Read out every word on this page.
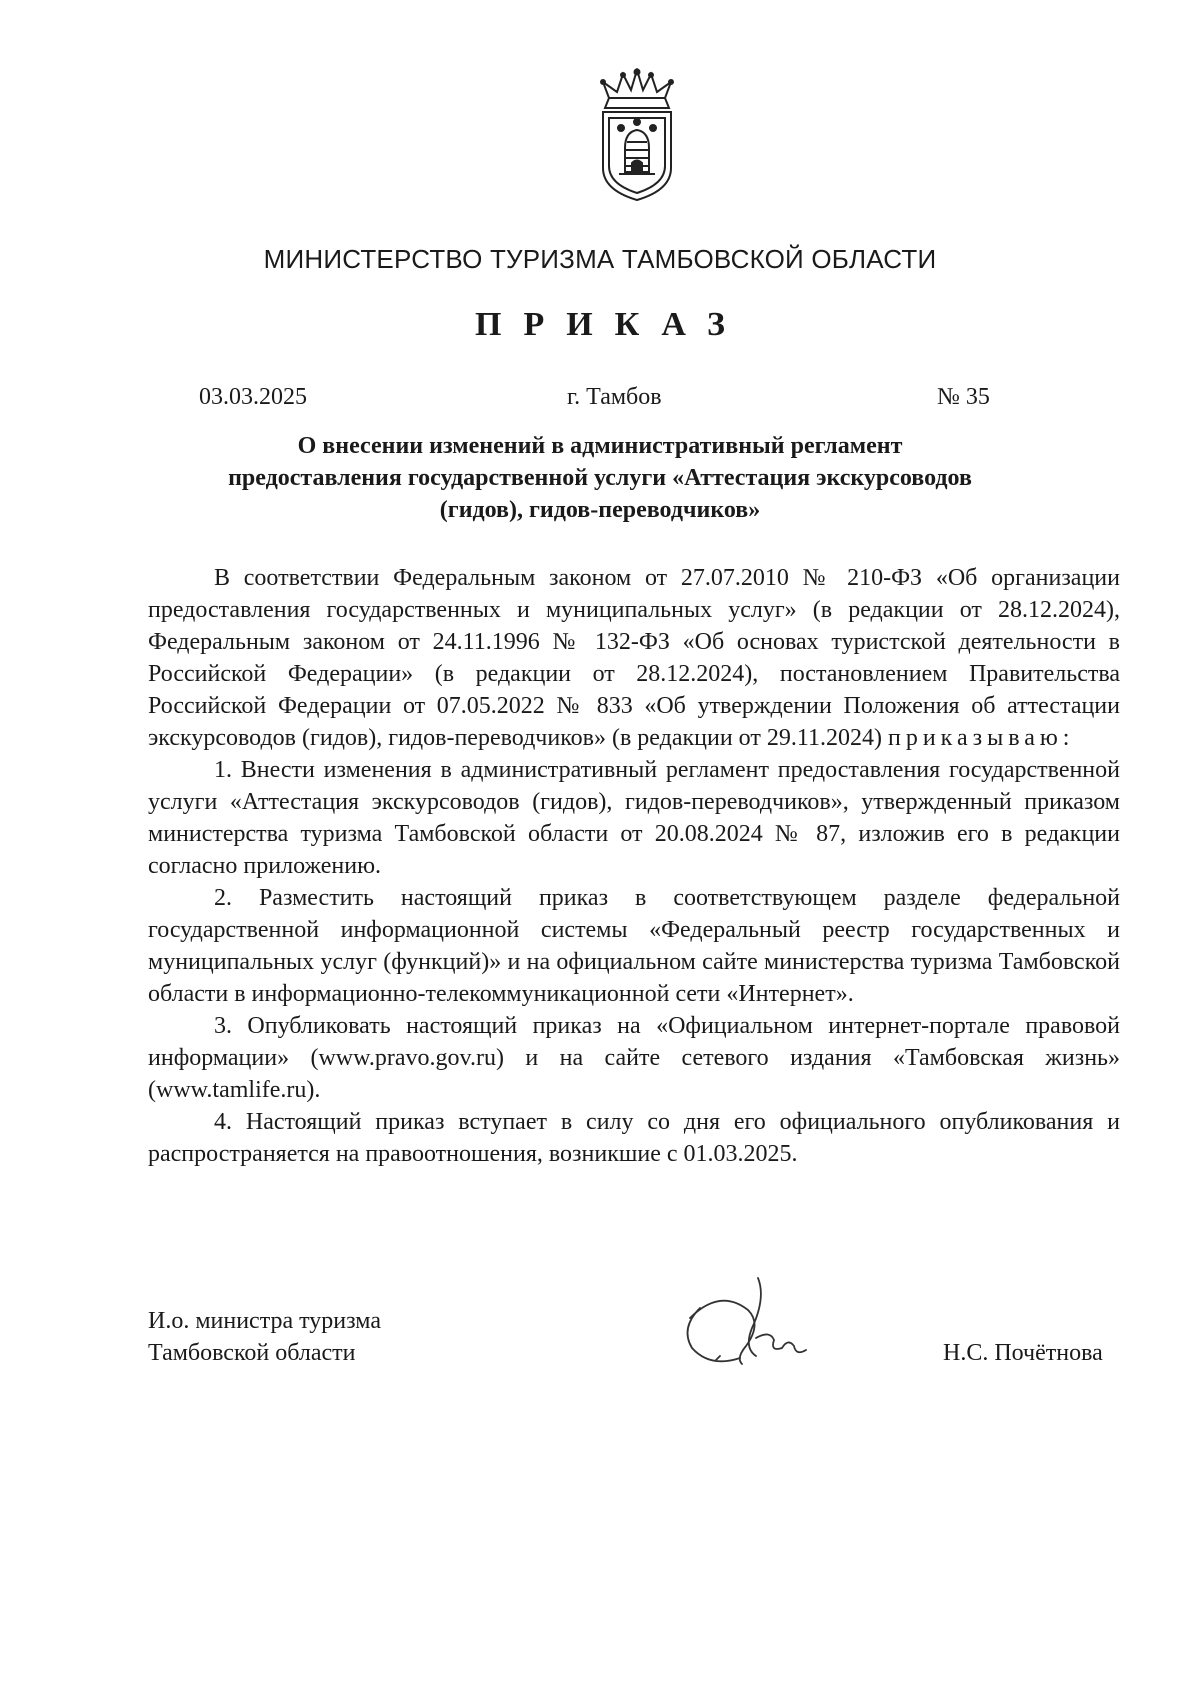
МИНИСТЕРСТВО ТУРИЗМА ТАМБОВСКОЙ ОБЛАСТИ
ПРИКАЗ
03.03.2025	г. Тамбов	№ 35
О внесении изменений в административный регламент
предоставления государственной услуги «Аттестация экскурсоводов
(гидов), гидов-переводчиков»

В соответствии Федеральным законом от 27.07.2010 № 210-ФЗ «Об организации предоставления государственных и муниципальных услуг» (в редакции от 28.12.2024), Федеральным законом от 24.11.1996 № 132-ФЗ «Об основах туристской деятельности в Российской Федерации» (в редакции от 28.12.2024), постановлением Правительства Российской Федерации от 07.05.2022 № 833 «Об утверждении Положения об аттестации экскурсоводов (гидов), гидов-переводчиков» (в редакции от 29.11.2024) приказываю:

1. Внести изменения в административный регламент предоставления государственной услуги «Аттестация экскурсоводов (гидов), гидов-переводчиков», утвержденный приказом министерства туризма Тамбовской области от 20.08.2024 № 87, изложив его в редакции согласно приложению.

2. Разместить настоящий приказ в соответствующем разделе федеральной государственной информационной системы «Федеральный реестр государственных и муниципальных услуг (функций)» и на официальном сайте министерства туризма Тамбовской области в информационно-телекоммуникационной сети «Интернет».

3. Опубликовать настоящий приказ на «Официальном интернет-портале правовой информации» (www.pravo.gov.ru) и на сайте сетевого издания «Тамбовская жизнь» (www.tamlife.ru).

4. Настоящий приказ вступает в силу со дня его официального опубликования и распространяется на правоотношения, возникшие с 01.03.2025.

И.о. министра туризма
Тамбовской области	Н.С. Почётнова
